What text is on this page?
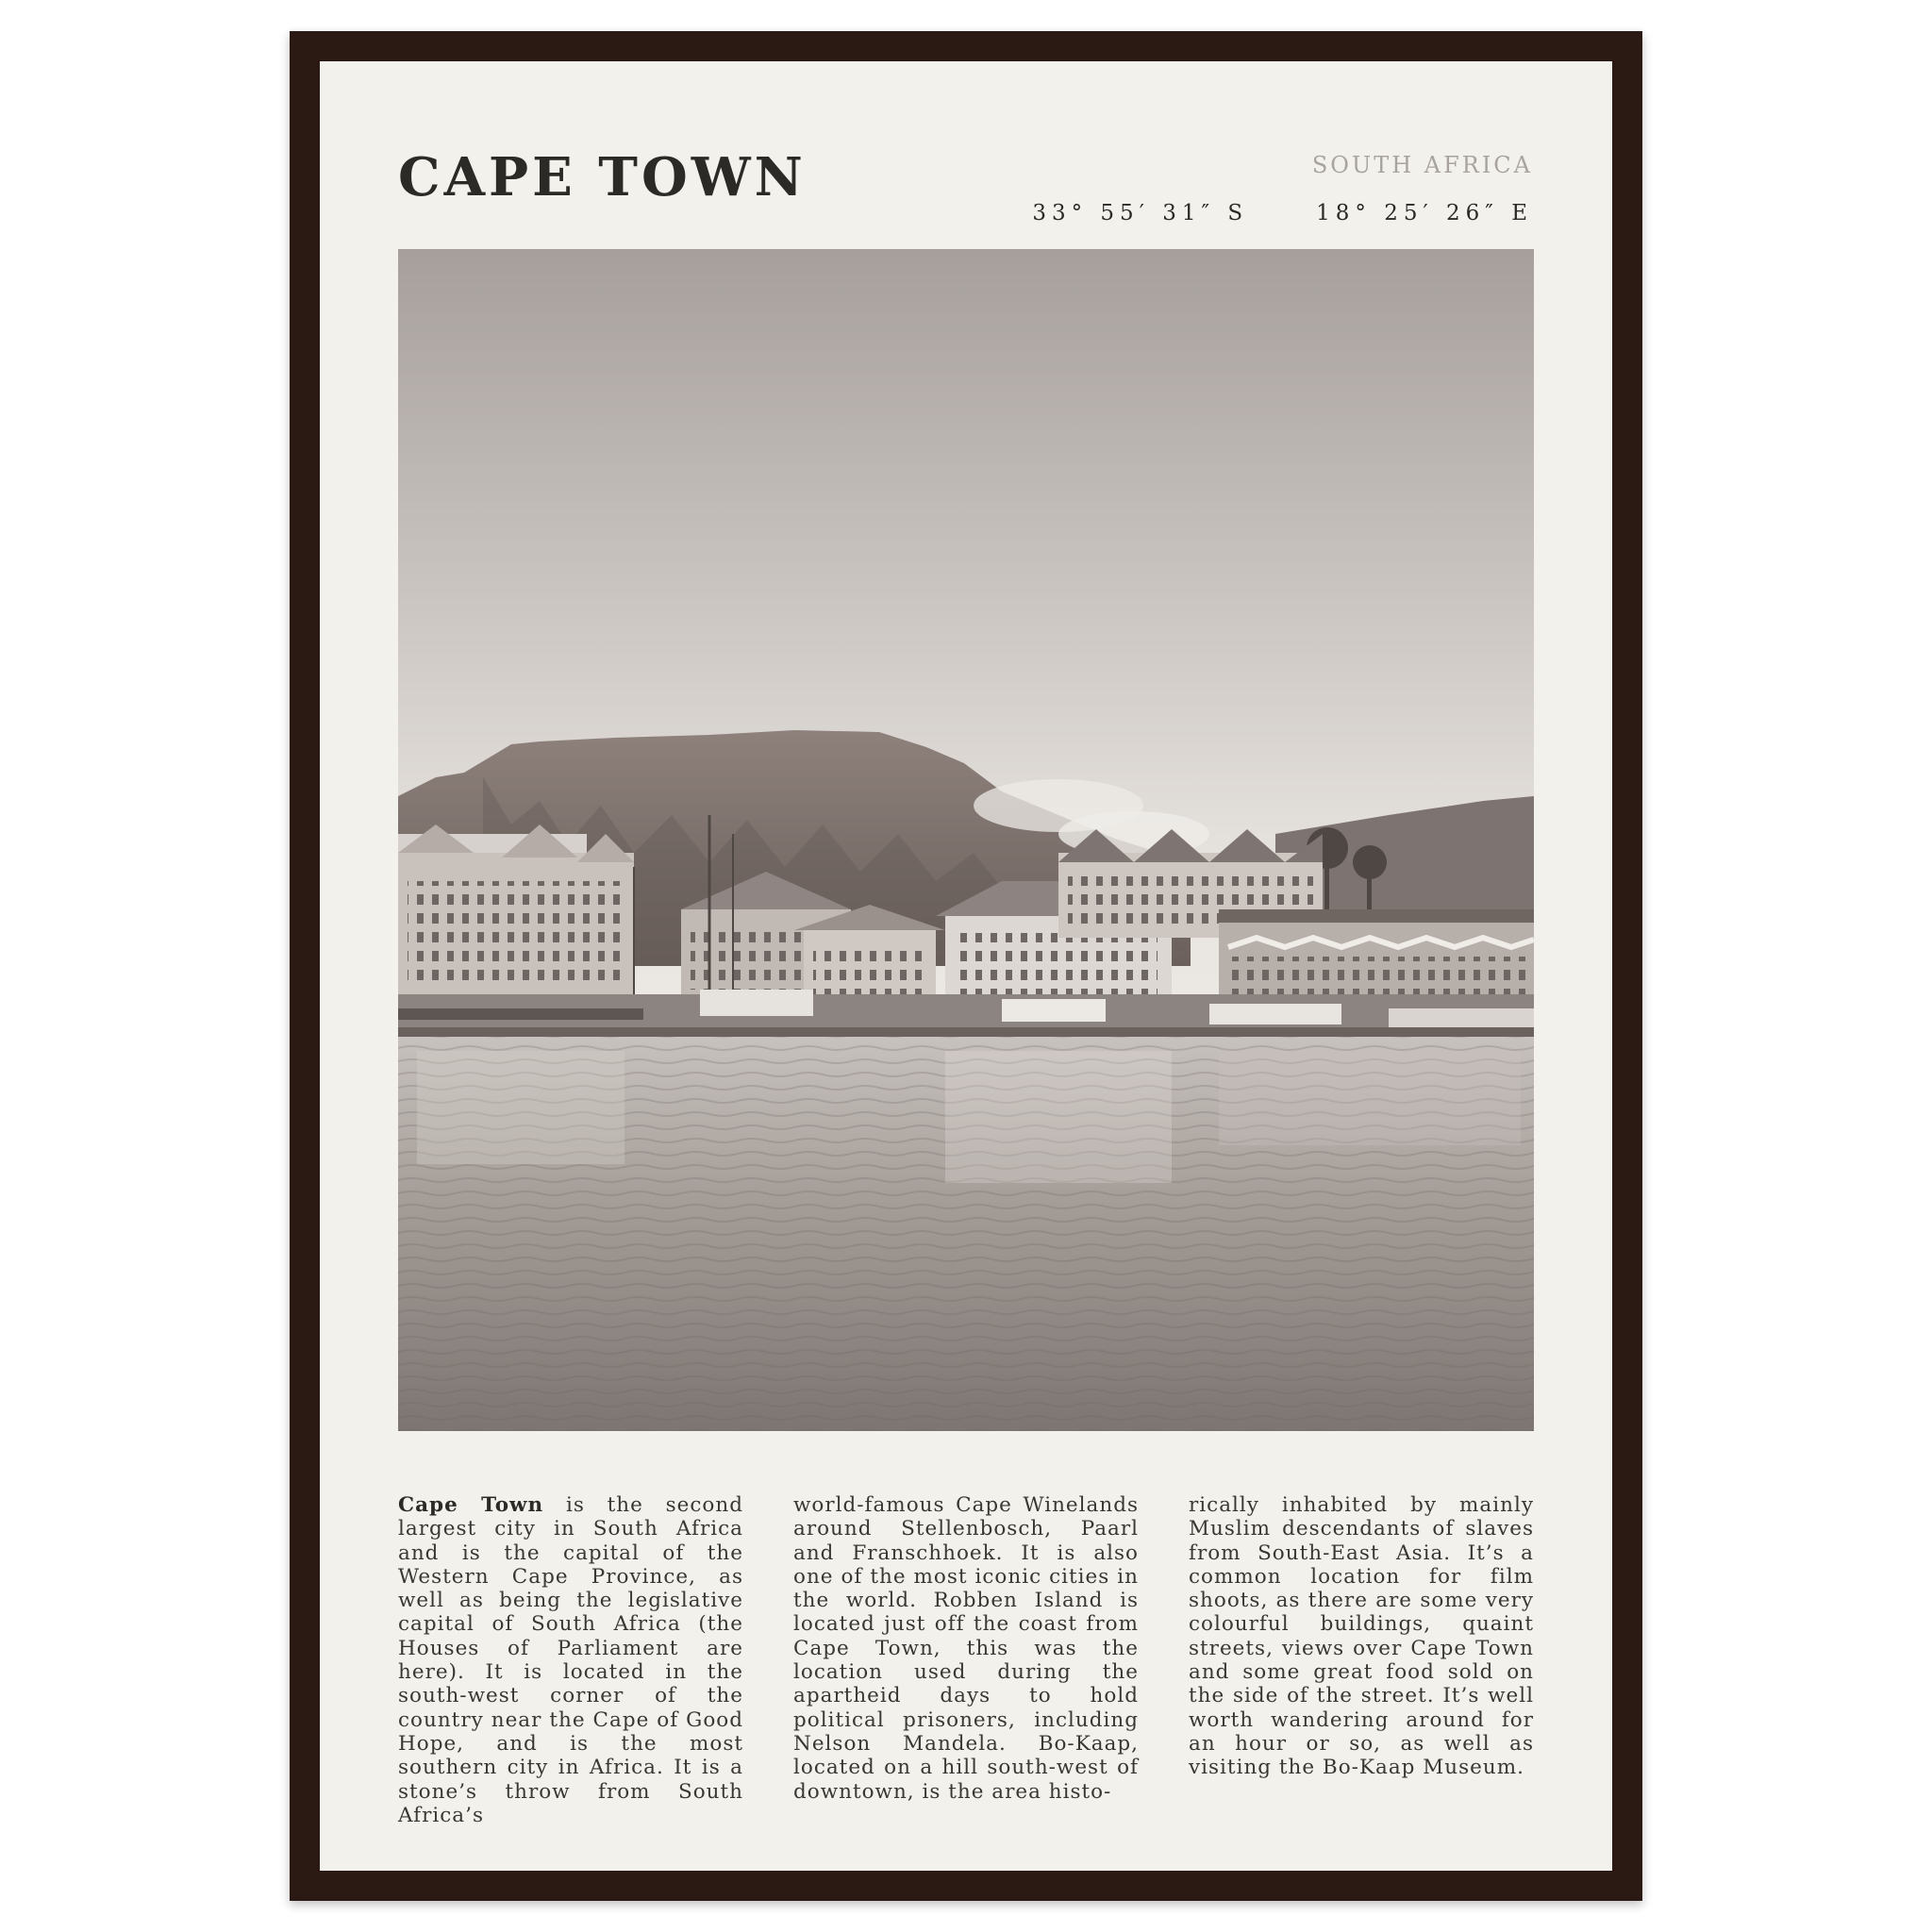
CAPE TOWN	SOUTH AFRICA
33° 55′ 31″ S	18° 25′ 26″ E

Cape Town is the second largest city in South Africa and is the capital of the Western Cape Province, as well as being the legislative capital of South Africa (the Houses of Parliament are here). It is located in the south-west corner of the country near the Cape of Good Hope, and is the most southern city in Africa. It is a stone’s throw from South Africa’s

world-famous Cape Winelands around Stellenbosch, Paarl and Franschhoek. It is also one of the most iconic cities in the world. Robben Island is located just off the coast from Cape Town, this was the location used during the apartheid days to hold political prisoners, including Nelson Mandela. Bo-Kaap, located on a hill south-west of downtown, is the area histo-

rically inhabited by mainly Muslim descendants of slaves from South-East Asia. It’s a common location for film shoots, as there are some very colourful buildings, quaint streets, views over Cape Town and some great food sold on the side of the street. It’s well worth wandering around for an hour or so, as well as visiting the Bo-Kaap Museum.
